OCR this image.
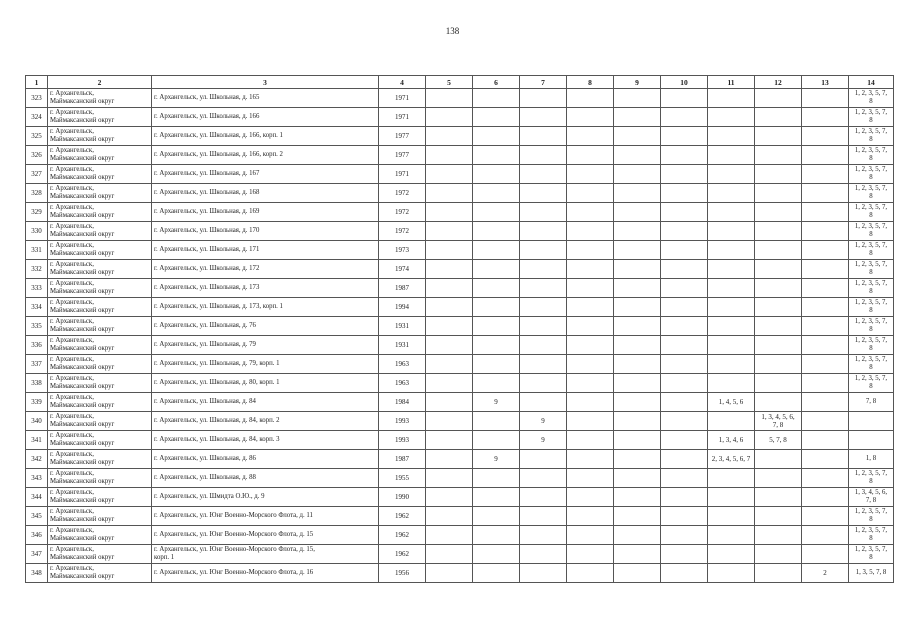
138
1	2	3	4	5	6	7	8	9	10	11	12	13	14
323	г. Архангельск,
Маймаксанский округ	г. Архангельск, ул. Школьная, д. 165	1971										1, 2, 3, 5, 7,
8

324	г. Архангельск,
Маймаксанский округ	г. Архангельск, ул. Школьная, д. 166	1971										1, 2, 3, 5, 7,
8

325	г. Архангельск,
Маймаксанский округ	г. Архангельск, ул. Школьная, д. 166, корп. 1	1977										1, 2, 3, 5, 7,
8

326	г. Архангельск,
Маймаксанский округ	г. Архангельск, ул. Школьная, д. 166, корп. 2	1977										1, 2, 3, 5, 7,
8

327	г. Архангельск,
Маймаксанский округ	г. Архангельск, ул. Школьная, д. 167	1971										1, 2, 3, 5, 7,
8

328	г. Архангельск,
Маймаксанский округ	г. Архангельск, ул. Школьная, д. 168	1972										1, 2, 3, 5, 7,
8

329	г. Архангельск,
Маймаксанский округ	г. Архангельск, ул. Школьная, д. 169	1972										1, 2, 3, 5, 7,
8

330	г. Архангельск,
Маймаксанский округ	г. Архангельск, ул. Школьная, д. 170	1972										1, 2, 3, 5, 7,
8

331	г. Архангельск,
Маймаксанский округ	г. Архангельск, ул. Школьная, д. 171	1973										1, 2, 3, 5, 7,
8

332	г. Архангельск,
Маймаксанский округ	г. Архангельск, ул. Школьная, д. 172	1974										1, 2, 3, 5, 7,
8

333	г. Архангельск,
Маймаксанский округ	г. Архангельск, ул. Школьная, д. 173	1987										1, 2, 3, 5, 7,
8

334	г. Архангельск,
Маймаксанский округ	г. Архангельск, ул. Школьная, д. 173, корп. 1	1994										1, 2, 3, 5, 7,
8

335	г. Архангельск,
Маймаксанский округ	г. Архангельск, ул. Школьная, д. 76	1931										1, 2, 3, 5, 7,
8

336	г. Архангельск,
Маймаксанский округ	г. Архангельск, ул. Школьная, д. 79	1931										1, 2, 3, 5, 7,
8

337	г. Архангельск,
Маймаксанский округ	г. Архангельск, ул. Школьная, д. 79, корп. 1	1963										1, 2, 3, 5, 7,
8

338	г. Архангельск,
Маймаксанский округ	г. Архангельск, ул. Школьная, д. 80, корп. 1	1963										1, 2, 3, 5, 7,
8

339	г. Архангельск,
Маймаксанский округ	г. Архангельск, ул. Школьная, д. 84	1984		9					1, 4, 5, 6			7, 8

340	г. Архангельск,
Маймаксанский округ	г. Архангельск, ул. Школьная, д. 84, корп. 2	1993			9					1, 3, 4, 5, 6,
7, 8		

341	г. Архангельск,
Маймаксанский округ	г. Архангельск, ул. Школьная, д. 84, корп. 3	1993			9				1, 3, 4, 6	5, 7, 8		

342	г. Архангельск,
Маймаксанский округ	г. Архангельск, ул. Школьная, д. 86	1987		9					2, 3, 4, 5, 6, 7			1, 8

343	г. Архангельск,
Маймаксанский округ	г. Архангельск, ул. Школьная, д. 88	1955										1, 2, 3, 5, 7,
8

344	г. Архангельск,
Маймаксанский округ	г. Архангельск, ул. Шмидта О.Ю., д. 9	1990										1, 3, 4, 5, 6,
7, 8

345	г. Архангельск,
Маймаксанский округ	г. Архангельск, ул. Юнг Военно-Морского Флота, д. 11	1962										1, 2, 3, 5, 7,
8

346	г. Архангельск,
Маймаксанский округ	г. Архангельск, ул. Юнг Военно-Морского Флота, д. 15	1962										1, 2, 3, 5, 7,
8

347	г. Архангельск,
Маймаксанский округ	г. Архангельск, ул. Юнг Военно-Морского Флота, д. 15,
корп. 1	1962										1, 2, 3, 5, 7,
8

348	г. Архангельск,
Маймаксанский округ	г. Архангельск, ул. Юнг Военно-Морского Флота, д. 16	1956									2	1, 3, 5, 7, 8
